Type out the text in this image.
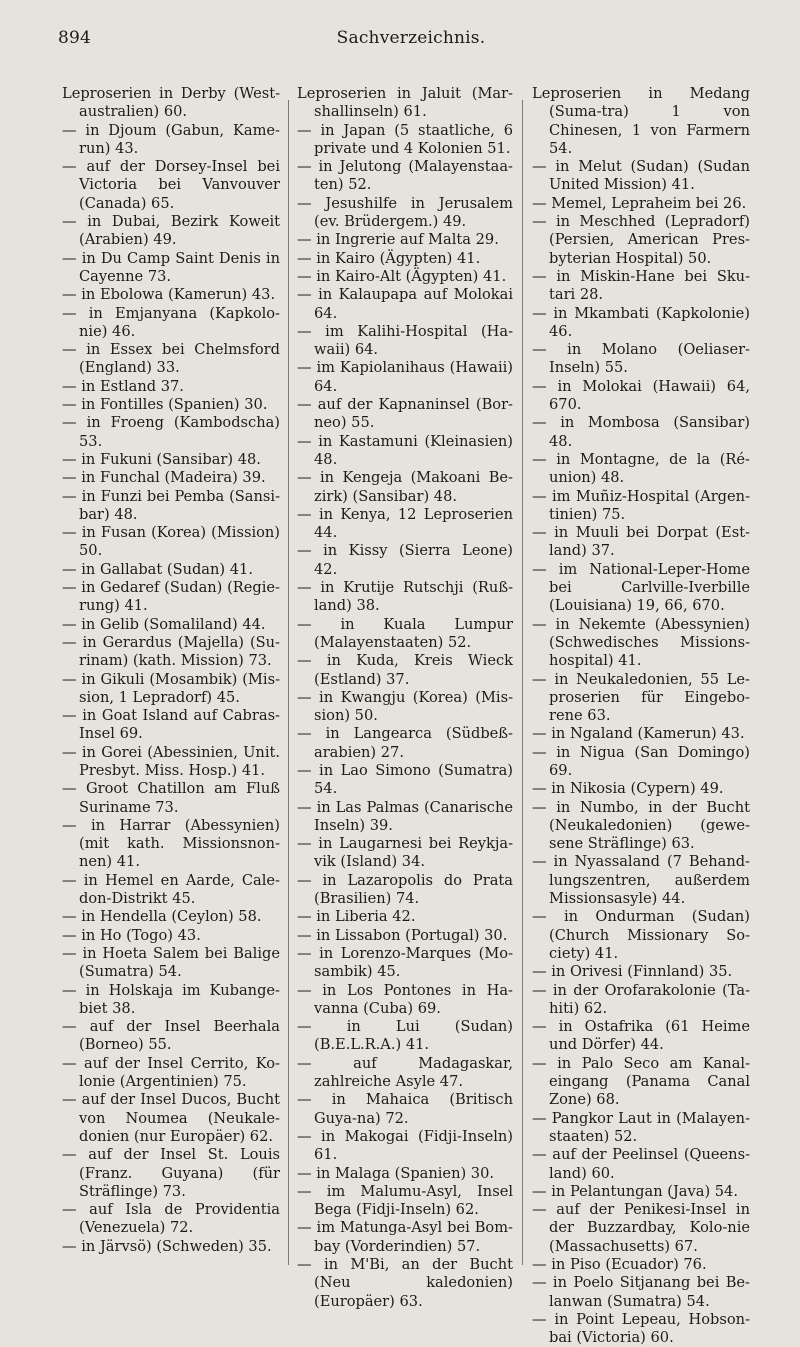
894	Sachverzeichnis.
Leproserien in Derby (West-australien) 60.
— in Djoum (Gabun, Kame-run) 43.
— auf der Dorsey-Insel bei Victoria bei Vanvouver (Canada) 65.
— in Dubai, Bezirk Koweit (Arabien) 49.
— in Du Camp Saint Denis in Cayenne 73.
— in Ebolowa (Kamerun) 43.
— in Emjanyana (Kapkolo-nie) 46.
— in Essex bei Chelmsford (England) 33.
— in Estland 37.
— in Fontilles (Spanien) 30.
— in Froeng (Kambodscha) 53.
— in Fukuni (Sansibar) 48.
— in Funchal (Madeira) 39.
— in Funzi bei Pemba (Sansi-bar) 48.
— in Fusan (Korea) (Mission) 50.
— in Gallabat (Sudan) 41.
— in Gedaref (Sudan) (Regie-rung) 41.
— in Gelib (Somaliland) 44.
— in Gerardus (Majella) (Su-rinam) (kath. Mission) 73.
— in Gikuli (Mosambik) (Mis-sion, 1 Lepradorf) 45.
— in Goat Island auf Cabras-Insel 69.
— in Gorei (Abessinien, Unit. Presbyt. Miss. Hosp.) 41.
— Groot Chatillon am Fluß Suriname 73.
— in Harrar (Abessynien) (mit kath. Missionsnon-nen) 41.
— in Hemel en Aarde, Cale-don-Distrikt 45.
— in Hendella (Ceylon) 58.
— in Ho (Togo) 43.
— in Hoeta Salem bei Balige (Sumatra) 54.
— in Holskaja im Kubange-biet 38.
— auf der Insel Beerhala (Borneo) 55.
— auf der Insel Cerrito, Ko-lonie (Argentinien) 75.
— auf der Insel Ducos, Bucht von Noumea (Neukale-donien (nur Europäer) 62.
— auf der Insel St. Louis (Franz. Guyana) (für Sträflinge) 73.
— auf Isla de Providentia (Venezuela) 72.
— in Järvsö) (Schweden) 35.
Leproserien in Jaluit (Mar-shallinseln) 61.
— in Japan (5 staatliche, 6 private und 4 Kolonien 51.
— in Jelutong (Malayenstaa-ten) 52.
— Jesushilfe in Jerusalem (ev. Brüdergem.) 49.
— in Ingrerie auf Malta 29.
— in Kairo (Ägypten) 41.
— in Kairo-Alt (Ägypten) 41.
— in Kalaupapa auf Molokai 64.
— im Kalihi-Hospital (Ha-waii) 64.
— im Kapiolanihaus (Hawaii) 64.
— auf der Kapnaninsel (Bor-neo) 55.
— in Kastamuni (Kleinasien) 48.
— in Kengeja (Makoani Be-zirk) (Sansibar) 48.
— in Kenya, 12 Leproserien 44.
— in Kissy (Sierra Leone) 42.
— in Krutije Rutschji (Ruß-land) 38.
— in Kuala Lumpur (Malayenstaaten) 52.
— in Kuda, Kreis Wieck (Estland) 37.
— in Kwangju (Korea) (Mis-sion) 50.
— in Langearca (Südbeß-arabien) 27.
— in Lao Simono (Sumatra) 54.
— in Las Palmas (Canarische Inseln) 39.
— in Laugarnesi bei Reykja-vik (Island) 34.
— in Lazaropolis do Prata (Brasilien) 74.
— in Liberia 42.
— in Lissabon (Portugal) 30.
— in Lorenzo-Marques (Mo-sambik) 45.
— in Los Pontones in Ha-vanna (Cuba) 69.
— in Lui (Sudan) (B.E.L.R.A.) 41.
— auf Madagaskar, zahlreiche Asyle 47.
— in Mahaica (Britisch Guya-na) 72.
— in Makogai (Fidji-Inseln) 61.
— in Malaga (Spanien) 30.
— im Malumu-Asyl, Insel Bega (Fidji-Inseln) 62.
— im Matunga-Asyl bei Bom-bay (Vorderindien) 57.
— in M'Bi, an der Bucht (Neu kaledonien) (Europäer) 63.
Leproserien in Medang (Suma-tra) 1 von Chinesen, 1 von Farmern 54.
— in Melut (Sudan) (Sudan United Mission) 41.
— Memel, Lepraheim bei 26.
— in Meschhed (Lepradorf) (Persien, American Pres-byterian Hospital) 50.
— in Miskin-Hane bei Sku-tari 28.
— in Mkambati (Kapkolonie) 46.
— in Molano (Oeliaser-Inseln) 55.
— in Molokai (Hawaii) 64, 670.
— in Mombosa (Sansibar) 48.
— in Montagne, de la (Ré-union) 48.
— im Muñiz-Hospital (Argen-tinien) 75.
— in Muuli bei Dorpat (Est-land) 37.
— im National-Leper-Home bei Carlville-Iverbille (Louisiana) 19, 66, 670.
— in Nekemte (Abessynien) (Schwedisches Missions-hospital) 41.
— in Neukaledonien, 55 Le-proserien für Eingebo-rene 63.
— in Ngaland (Kamerun) 43.
— in Nigua (San Domingo) 69.
— in Nikosia (Cypern) 49.
— in Numbo, in der Bucht (Neukaledonien) (gewe-sene Sträflinge) 63.
— in Nyassaland (7 Behand-lungszentren, außerdem Missionsasyle) 44.
— in Ondurman (Sudan) (Church Missionary So-ciety) 41.
— in Orivesi (Finnland) 35.
— in der Orofarakolonie (Ta-hiti) 62.
— in Ostafrika (61 Heime und Dörfer) 44.
— in Palo Seco am Kanal-eingang (Panama Canal Zone) 68.
— Pangkor Laut in (Malayen-staaten) 52.
— auf der Peelinsel (Queens-land) 60.
— in Pelantungan (Java) 54.
— auf der Penikesi-Insel in der Buzzardbay, Kolo-nie (Massachusetts) 67.
— in Piso (Ecuador) 76.
— in Poelo Sitjanang bei Be-lanwan (Sumatra) 54.
— in Point Lepeau, Hobson-bai (Victoria) 60.
